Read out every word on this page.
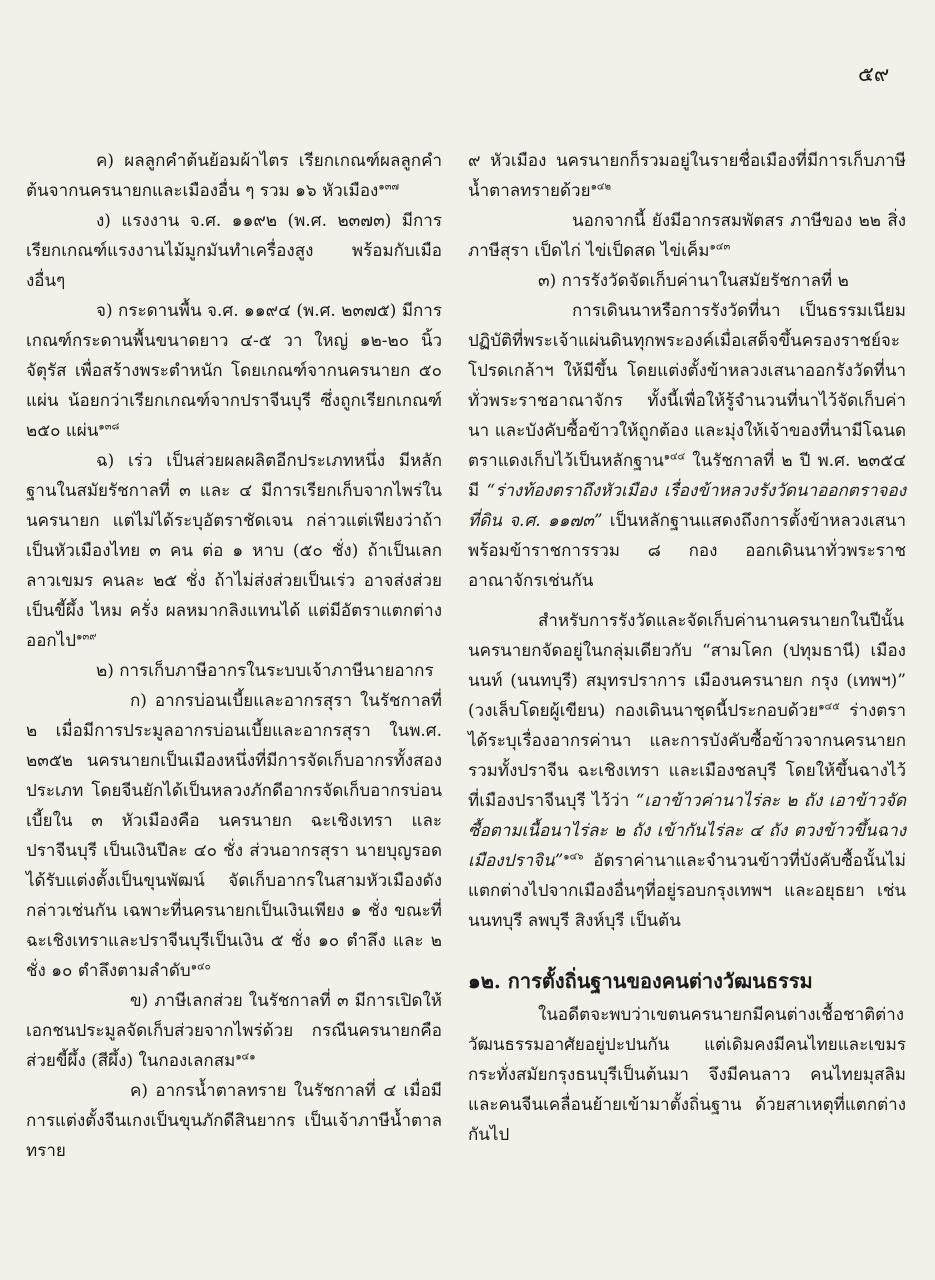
๕๙

ค) ผลลูกคำต้นย้อมผ้าไตร เรียกเกณฑ์ผลลูกคำต้นจากนครนายกและเมืองอื่น ๆ รวม ๑๖ หัวเมือง$^{๑๓๗}$

ง) แรงงาน จ.ศ. ๑๑๙๒ (พ.ศ. ๒๓๗๓) มีการเรียกเกณฑ์แรงงานไม้มูกมันทำเครื่องสูง พร้อมกับเมืองอื่นๆ

จ) กระดานพื้น จ.ศ. ๑๑๙๔ (พ.ศ. ๒๓๗๕) มีการเกณฑ์กระดานพื้นขนาดยาว ๔-๕ วา ใหญ่ ๑๒-๒๐ นิ้วจัตุรัส เพื่อสร้างพระตำหนัก โดยเกณฑ์จากนครนายก ๕๐ แผ่น น้อยกว่าเรียกเกณฑ์จากปราจีนบุรี ซึ่งถูกเรียกเกณฑ์ ๒๕๐ แผ่น$^{๑๓๘}$

ฉ) เร่ว เป็นส่วยผลผลิตอีกประเภทหนึ่ง มีหลักฐานในสมัยรัชกาลที่ ๓ และ ๔ มีการเรียกเก็บจากไพร่ในนครนายก แต่ไม่ได้ระบุอัตราชัดเจน กล่าวแต่เพียงว่าถ้าเป็นหัวเมืองไทย ๓ คน ต่อ ๑ หาบ (๕๐ ชั่ง) ถ้าเป็นเลกลาวเขมร คนละ ๒๕ ชั่ง ถ้าไม่ส่งส่วยเป็นเร่ว อาจส่งส่วยเป็นขี้ผึ้ง ไหม ครั่ง ผลหมากลิงแทนได้ แต่มีอัตราแตกต่างออกไป$^{๑๓๙}$

๒) การเก็บภาษีอากรในระบบเจ้าภาษีนายอากร

ก) อากรบ่อนเบี้ยและอากรสุรา ในรัชกาลที่ ๒ เมื่อมีการประมูลอากรบ่อนเบี้ยและอากรสุรา ในพ.ศ. ๒๓๕๒ นครนายกเป็นเมืองหนึ่งที่มีการจัดเก็บอากรทั้งสองประเภท โดยจีนยักได้เป็นหลวงภักดีอากรจัดเก็บอากรบ่อนเบี้ยใน ๓ หัวเมืองคือ นครนายก ฉะเชิงเทรา และปราจีนบุรี เป็นเงินปีละ ๔๐ ชั่ง ส่วนอากรสุรา นายบุญรอดได้รับแต่งตั้งเป็นขุนพัฒน์ จัดเก็บอากรในสามหัวเมืองดังกล่าวเช่นกัน เฉพาะที่นครนายกเป็นเงินเพียง ๑ ชั่ง ขณะที่ฉะเชิงเทราและปราจีนบุรีเป็นเงิน ๕ ชั่ง ๑๐ ตำลึง และ ๒ ชั่ง ๑๐ ตำลึงตามลำดับ$^{๑๔๐}$

ข) ภาษีเลกส่วย ในรัชกาลที่ ๓ มีการเปิดให้เอกชนประมูลจัดเก็บส่วยจากไพร่ด้วย กรณีนครนายกคือ ส่วยขี้ผึ้ง (สีผึ้ง) ในกองเลกสม$^{๑๔๑}$

ค) อากรน้ำตาลทราย ในรัชกาลที่ ๔ เมื่อมีการแต่งตั้งจีนเกงเป็นขุนภักดีสินยากร เป็นเจ้าภาษีน้ำตาลทราย

๙ หัวเมือง นครนายกก็รวมอยู่ในรายชื่อเมืองที่มีการเก็บภาษีน้ำตาลทรายด้วย$^{๑๔๒}$

นอกจากนี้ ยังมีอากรสมพัตสร ภาษีของ ๒๒ สิ่ง ภาษีสุรา เป็ดไก่ ไข่เป็ดสด ไข่เค็ม$^{๑๔๓}$

๓) การรังวัดจัดเก็บค่านาในสมัยรัชกาลที่ ๒

การเดินนาหรือการรังวัดที่นา เป็นธรรมเนียมปฏิบัติที่พระเจ้าแผ่นดินทุกพระองค์เมื่อเสด็จขึ้นครองราชย์จะโปรดเกล้าฯ ให้มีขึ้น โดยแต่งตั้งข้าหลวงเสนาออกรังวัดที่นาทั่วพระราชอาณาจักร ทั้งนี้เพื่อให้รู้จำนวนที่นาไว้จัดเก็บค่านา และบังคับซื้อข้าวให้ถูกต้อง และมุ่งให้เจ้าของที่นามีโฉนดตราแดงเก็บไว้เป็นหลักฐาน$^{๑๔๔}$ ในรัชกาลที่ ๒ ปี พ.ศ. ๒๓๕๔ มี “ร่างท้องตราถึงหัวเมือง เรื่องข้าหลวงรังวัดนาออกตราจองที่ดิน จ.ศ. ๑๑๗๓” เป็นหลักฐานแสดงถึงการตั้งข้าหลวงเสนาพร้อมข้าราชการรวม ๘ กอง ออกเดินนาทั่วพระราชอาณาจักรเช่นกัน

สำหรับการรังวัดและจัดเก็บค่านานครนายกในปีนั้น นครนายกจัดอยู่ในกลุ่มเดียวกับ “สามโคก (ปทุมธานี) เมืองนนท์ (นนทบุรี) สมุทรปราการ เมืองนครนายก กรุง (เทพฯ)” (วงเล็บโดยผู้เขียน) กองเดินนาชุดนี้ประกอบด้วย$^{๑๔๕}$ ร่างตราได้ระบุเรื่องอากรค่านา และการบังคับซื้อข้าวจากนครนายก รวมทั้งปราจีน ฉะเชิงเทรา และเมืองชลบุรี โดยให้ขึ้นฉางไว้ที่เมืองปราจีนบุรี ไว้ว่า “เอาข้าวค่านาไร่ละ ๒ ถัง เอาข้าวจัดซื้อตามเนื้อนาไร่ละ ๒ ถัง เข้ากันไร่ละ ๔ ถัง ตวงข้าวขึ้นฉางเมืองปราจิน”$^{๑๔๖}$ อัตราค่านาและจำนวนข้าวที่บังคับซื้อนั้นไม่แตกต่างไปจากเมืองอื่นๆที่อยู่รอบกรุงเทพฯ และอยุธยา เช่น นนทบุรี ลพบุรี สิงห์บุรี เป็นต้น

๑๒. การตั้งถิ่นฐานของคนต่างวัฒนธรรม

ในอดีตจะพบว่าเขตนครนายกมีคนต่างเชื้อชาติต่างวัฒนธรรมอาศัยอยู่ปะปนกัน แต่เดิมคงมีคนไทยและเขมรกระทั่งสมัยกรุงธนบุรีเป็นต้นมา จึงมีคนลาว คนไทยมุสลิม และคนจีนเคลื่อนย้ายเข้ามาตั้งถิ่นฐาน ด้วยสาเหตุที่แตกต่างกันไป
